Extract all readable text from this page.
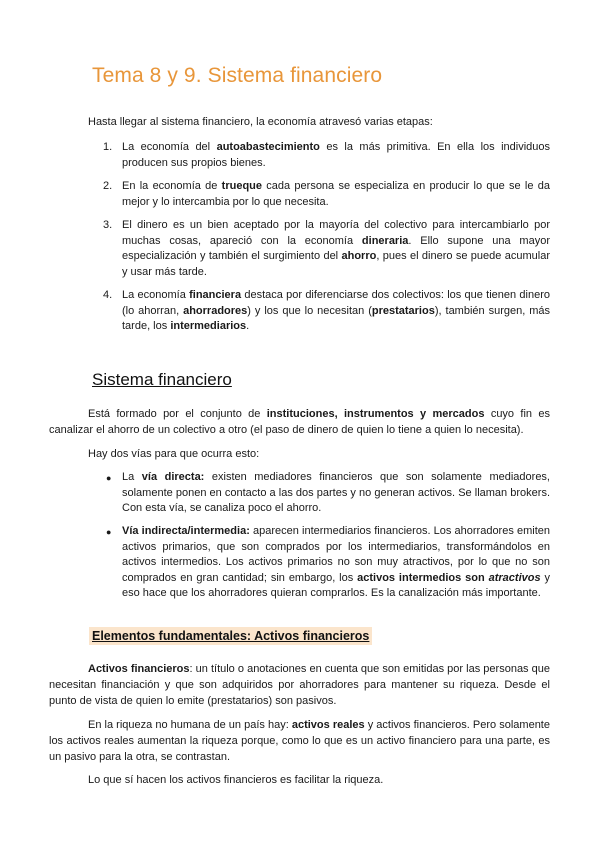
Tema 8 y 9. Sistema financiero

Hasta llegar al sistema financiero, la economía atravesó varias etapas:

1. La economía del autoabastecimiento es la más primitiva. En ella los individuos producen sus propios bienes.

2. En la economía de trueque cada persona se especializa en producir lo que se le da mejor y lo intercambia por lo que necesita.

3. El dinero es un bien aceptado por la mayoría del colectivo para intercambiarlo por muchas cosas, apareció con la economía dineraria. Ello supone una mayor especialización y también el surgimiento del ahorro, pues el dinero se puede acumular y usar más tarde.

4. La economía financiera destaca por diferenciarse dos colectivos: los que tienen dinero (lo ahorran, ahorradores) y los que lo necesitan (prestatarios), también surgen, más tarde, los intermediarios.

Sistema financiero

Está formado por el conjunto de instituciones, instrumentos y mercados cuyo fin es canalizar el ahorro de un colectivo a otro (el paso de dinero de quien lo tiene a quien lo necesita).

Hay dos vías para que ocurra esto:

● La vía directa: existen mediadores financieros que son solamente mediadores, solamente ponen en contacto a las dos partes y no generan activos. Se llaman brokers. Con esta vía, se canaliza poco el ahorro.

● Vía indirecta/intermedia: aparecen intermediarios financieros. Los ahorradores emiten activos primarios, que son comprados por los intermediarios, transformándolos en activos intermedios. Los activos primarios no son muy atractivos, por lo que no son comprados en gran cantidad; sin embargo, los activos intermedios son atractivos y eso hace que los ahorradores quieran comprarlos. Es la canalización más importante.

Elementos fundamentales: Activos financieros

Activos financieros: un título o anotaciones en cuenta que son emitidas por las personas que necesitan financiación y que son adquiridos por ahorradores para mantener su riqueza. Desde el punto de vista de quien lo emite (prestatarios) son pasivos.

En la riqueza no humana de un país hay: activos reales y activos financieros. Pero solamente los activos reales aumentan la riqueza porque, como lo que es un activo financiero para una parte, es un pasivo para la otra, se contrastan.

Lo que sí hacen los activos financieros es facilitar la riqueza.
